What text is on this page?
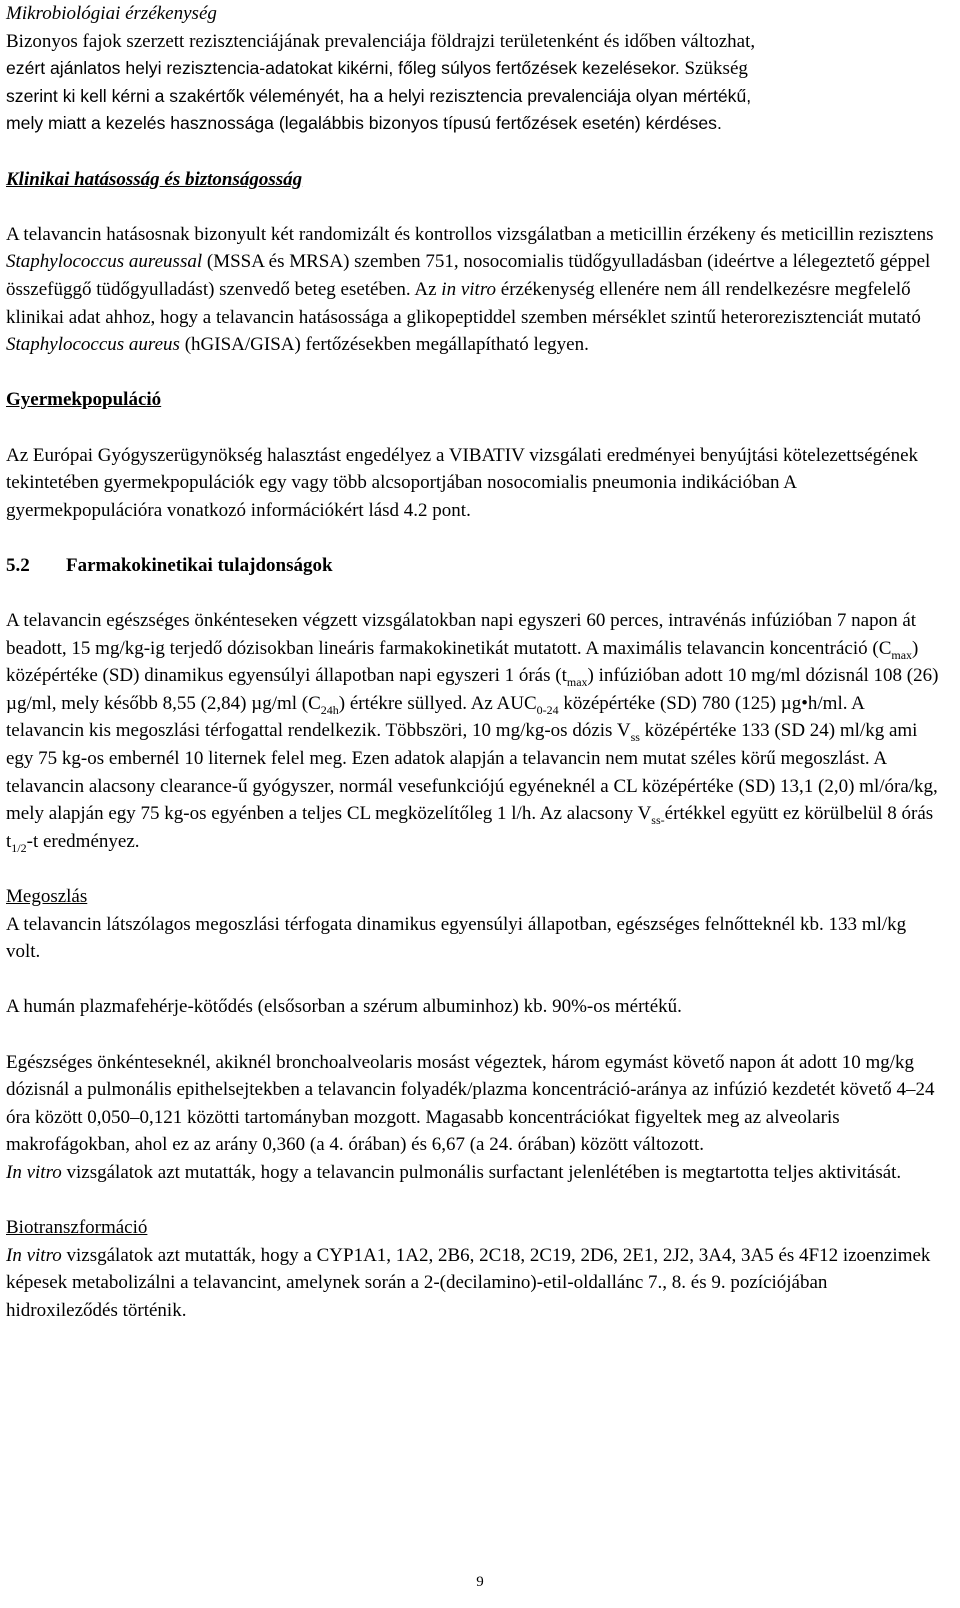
Mikrobiológiai érzékenység

Bizonyos fajok szerzett rezisztenciájának prevalenciája földrajzi területenként és időben változhat,

ezért ajánlatos helyi rezisztencia-adatokat kikérni, főleg súlyos fertőzések kezelésekor. Szükség

szerint ki kell kérni a szakértők véleményét, ha a helyi rezisztencia prevalenciája olyan mértékű,

mely miatt a kezelés hasznossága (legalábbis bizonyos típusú fertőzések esetén) kérdéses.

Klinikai hatásosság és biztonságosság

A telavancin hatásosnak bizonyult két randomizált és kontrollos vizsgálatban a meticillin érzékeny és meticillin rezisztens Staphylococcus aureussal (MSSA és MRSA) szemben 751, nosocomialis tüdőgyulladásban (ideértve a lélegeztető géppel összefüggő tüdőgyulladást) szenvedő beteg esetében. Az in vitro érzékenység ellenére nem áll rendelkezésre megfelelő klinikai adat ahhoz, hogy a telavancin hatásossága a glikopeptiddel szemben mérséklet szintű heterorezisztenciát mutató Staphylococcus aureus (hGISA/GISA) fertőzésekben megállapítható legyen.

Gyermekpopuláció

Az Európai Gyógyszerügynökség halasztást engedélyez a VIBATIV vizsgálati eredményei benyújtási kötelezettségének tekintetében gyermekpopulációk egy vagy több alcsoportjában nosocomialis pneumonia indikációban A gyermekpopulációra vonatkozó információkért lásd 4.2 pont.

5.2 Farmakokinetikai tulajdonságok

A telavancin egészséges önkénteseken végzett vizsgálatokban napi egyszeri 60 perces, intravénás infúzióban 7 napon át beadott, 15 mg/kg-ig terjedő dózisokban lineáris farmakokinetikát mutatott. A maximális telavancin koncentráció $(C_{max})$ középértéke (SD) dinamikus egyensúlyi állapotban napi egyszeri 1 órás $(t_{max})$ infúzióban adott 10 mg/ml dózisnál 108 (26) µg/ml, mely később 8,55 (2,84) µg/ml $(C_{24h})$ értékre süllyed. Az $AUC_{0-24}$ középértéke (SD) 780 (125) µg•h/ml. A telavancin kis megoszlási térfogattal rendelkezik. Többszöri, 10 mg/kg-os dózis $V_{ss}$ középértéke 133 (SD 24) ml/kg ami egy 75 kg-os embernél 10 liternek felel meg. Ezen adatok alapján a telavancin nem mutat széles körű megoszlást. A telavancin alacsony clearance-ű gyógyszer, normál vesefunkciójú egyéneknél a CL középértéke (SD) 13,1 (2,0) ml/óra/kg, mely alapján egy 75 kg-os egyénben a teljes CL megközelítőleg 1 l/h. Az alacsony $V_{ss-}értékkel$ együtt ez körülbelül 8 órás $t_{1/2}-t$ eredményez.

Megoszlás

A telavancin látszólagos megoszlási térfogata dinamikus egyensúlyi állapotban, egészséges felnőtteknél kb. 133 ml/kg volt.

A humán plazmafehérje-kötődés (elsősorban a szérum albuminhoz) kb. 90%-os mértékű.

Egészséges önkénteseknél, akiknél bronchoalveolaris mosást végeztek, három egymást követő napon át adott 10 mg/kg dózisnál a pulmonális epithelsejtekben a telavancin folyadék/plazma koncentráció-aránya az infúzió kezdetét követő 4–24 óra között 0,050–0,121 közötti tartományban mozgott. Magasabb koncentrációkat figyeltek meg az alveolaris makrofágokban, ahol ez az arány 0,360 (a 4. órában) és 6,67 (a 24. órában) között változott.

In vitro vizsgálatok azt mutatták, hogy a telavancin pulmonális surfactant jelenlétében is megtartotta teljes aktivitását.

Biotranszformáció

In vitro vizsgálatok azt mutatták, hogy a CYP1A1, 1A2, 2B6, 2C18, 2C19, 2D6, 2E1, 2J2, 3A4, 3A5 és 4F12 izoenzimek képesek metabolizálni a telavancint, amelynek során a 2-(decilamino)-etil-oldallánc 7., 8. és 9. pozíciójában hidroxileződés történik.

9
